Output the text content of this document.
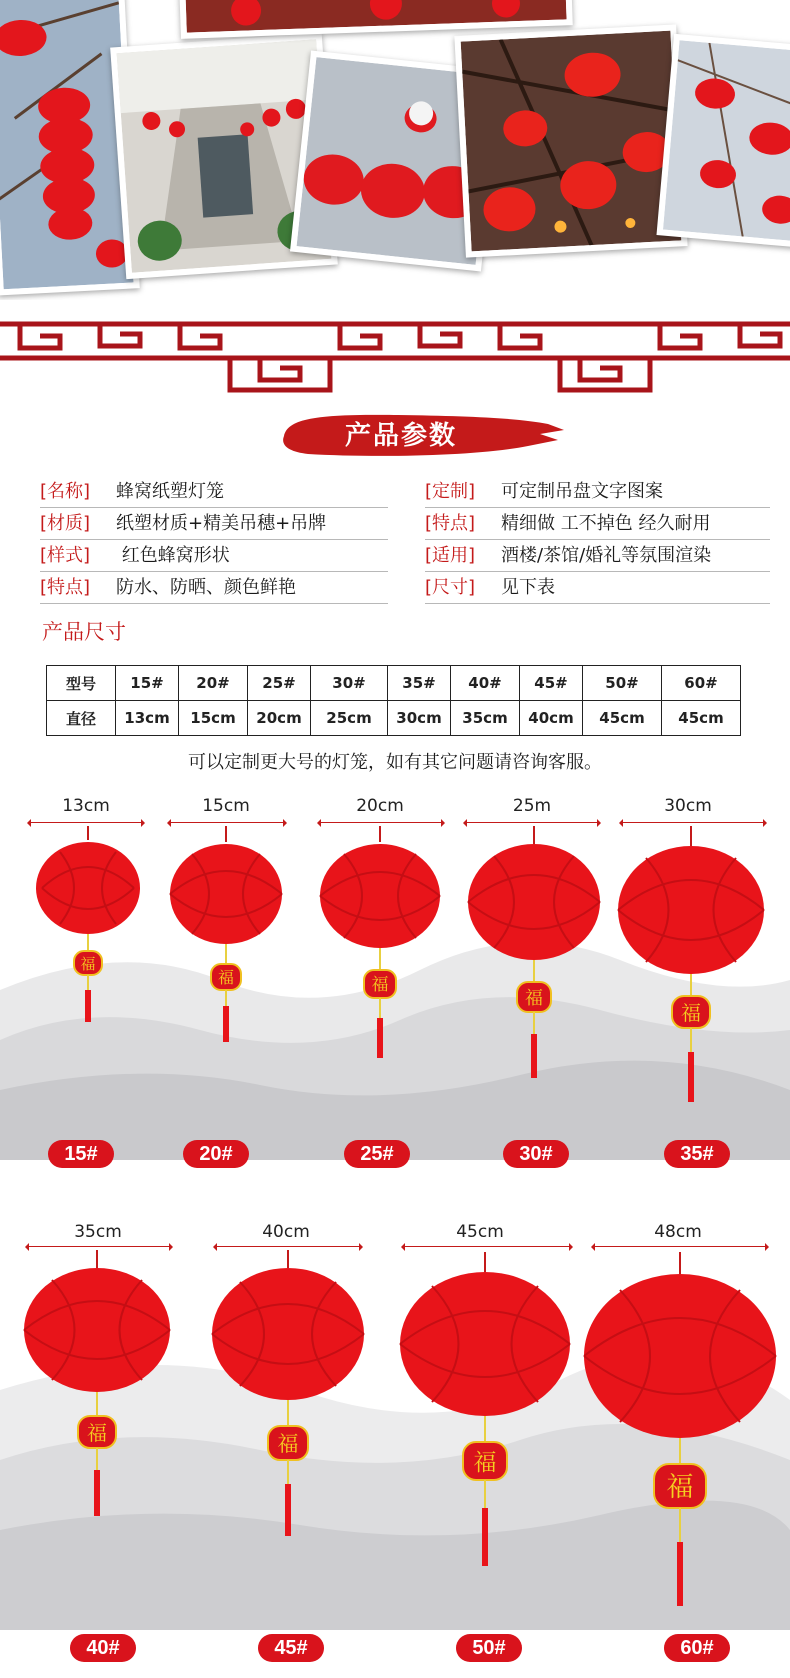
产品参数
[名称] 蜂窝纸塑灯笼
[材质] 纸塑材质+精美吊穗+吊牌
[样式] 红色蜂窝形状
[特点] 防水、防晒、颜色鲜艳
[定制] 可定制吊盘文字图案
[特点] 精细做 工不掉色 经久耐用
[适用] 酒楼/茶馆/婚礼等氛围渲染
[尺寸] 见下表
产品尺寸
型号	15#	20#	25#	30#	35#	40#	45#	50#	60#
直径	13cm	15cm	20cm	25cm	30cm	35cm	40cm	45cm	45cm
可以定制更大号的灯笼，如有其它问题请咨询客服。
13cm
福
15#
15cm
福
20#
20cm
福
25#
25m
福
30#
30cm
福
35#
35cm
福
40#
40cm
福
45#
45cm
福
50#
48cm
福
60#
